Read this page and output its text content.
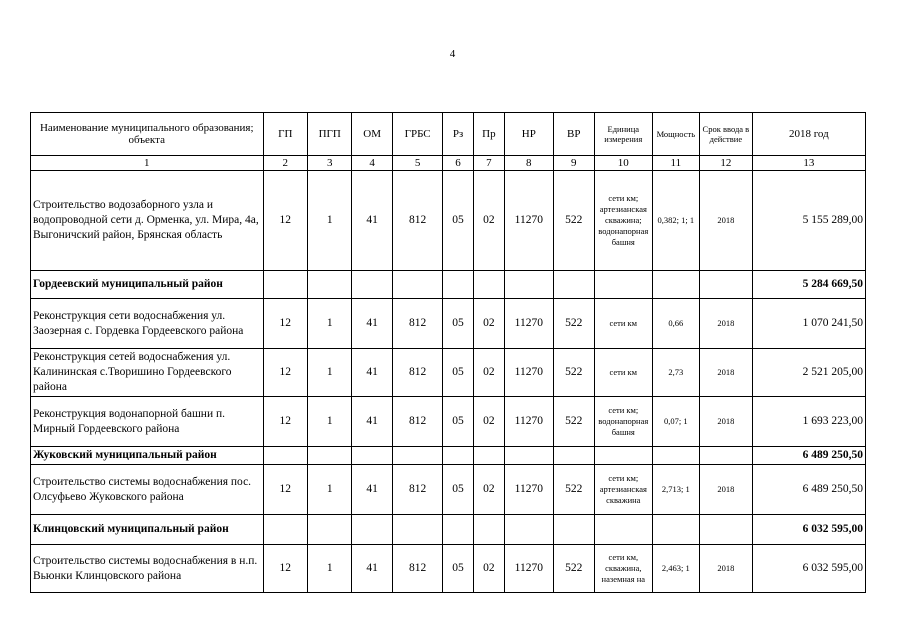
4
Наименование муниципального образования; объекта	ГП	ПГП	ОМ	ГРБС	Рз	Пр	НР	ВР	Единица измерения	Мощность	Срок ввода в действие	2018 год
1	2	3	4	5	6	7	8	9	10	11	12	13
Строительство водозаборного узла и водопроводной сети д. Орменка, ул. Мира, 4а, Выгоничский район, Брянская область	12	1	41	812	05	02	11270	522	сети км; артезианская скважина; водонапорная башня	0,382; 1; 1	2018	5 155 289,00
Гордеевский муниципальный район												5 284 669,50
Реконструкция сети водоснабжения ул. Заозерная с. Гордевка Гордеевского района	12	1	41	812	05	02	11270	522	сети км	0,66	2018	1 070 241,50
Реконструкция сетей водоснабжения ул. Калининская с.Творишино Гордеевского района	12	1	41	812	05	02	11270	522	сети км	2,73	2018	2 521 205,00
Реконструкция водонапорной башни п. Мирный Гордеевского района	12	1	41	812	05	02	11270	522	сети км; водонапорная башня	0,07; 1	2018	1 693 223,00
Жуковский муниципальный район												6 489 250,50
Строительство системы водоснабжения пос. Олсуфьево Жуковского района	12	1	41	812	05	02	11270	522	сети км; артезианская скважина	2,713; 1	2018	6 489 250,50
Клинцовский муниципальный район												6 032 595,00
Строительство системы водоснабжения в н.п. Вьюнки Клинцовского района	12	1	41	812	05	02	11270	522	сети км, скважина, наземная на	2,463; 1	2018	6 032 595,00
